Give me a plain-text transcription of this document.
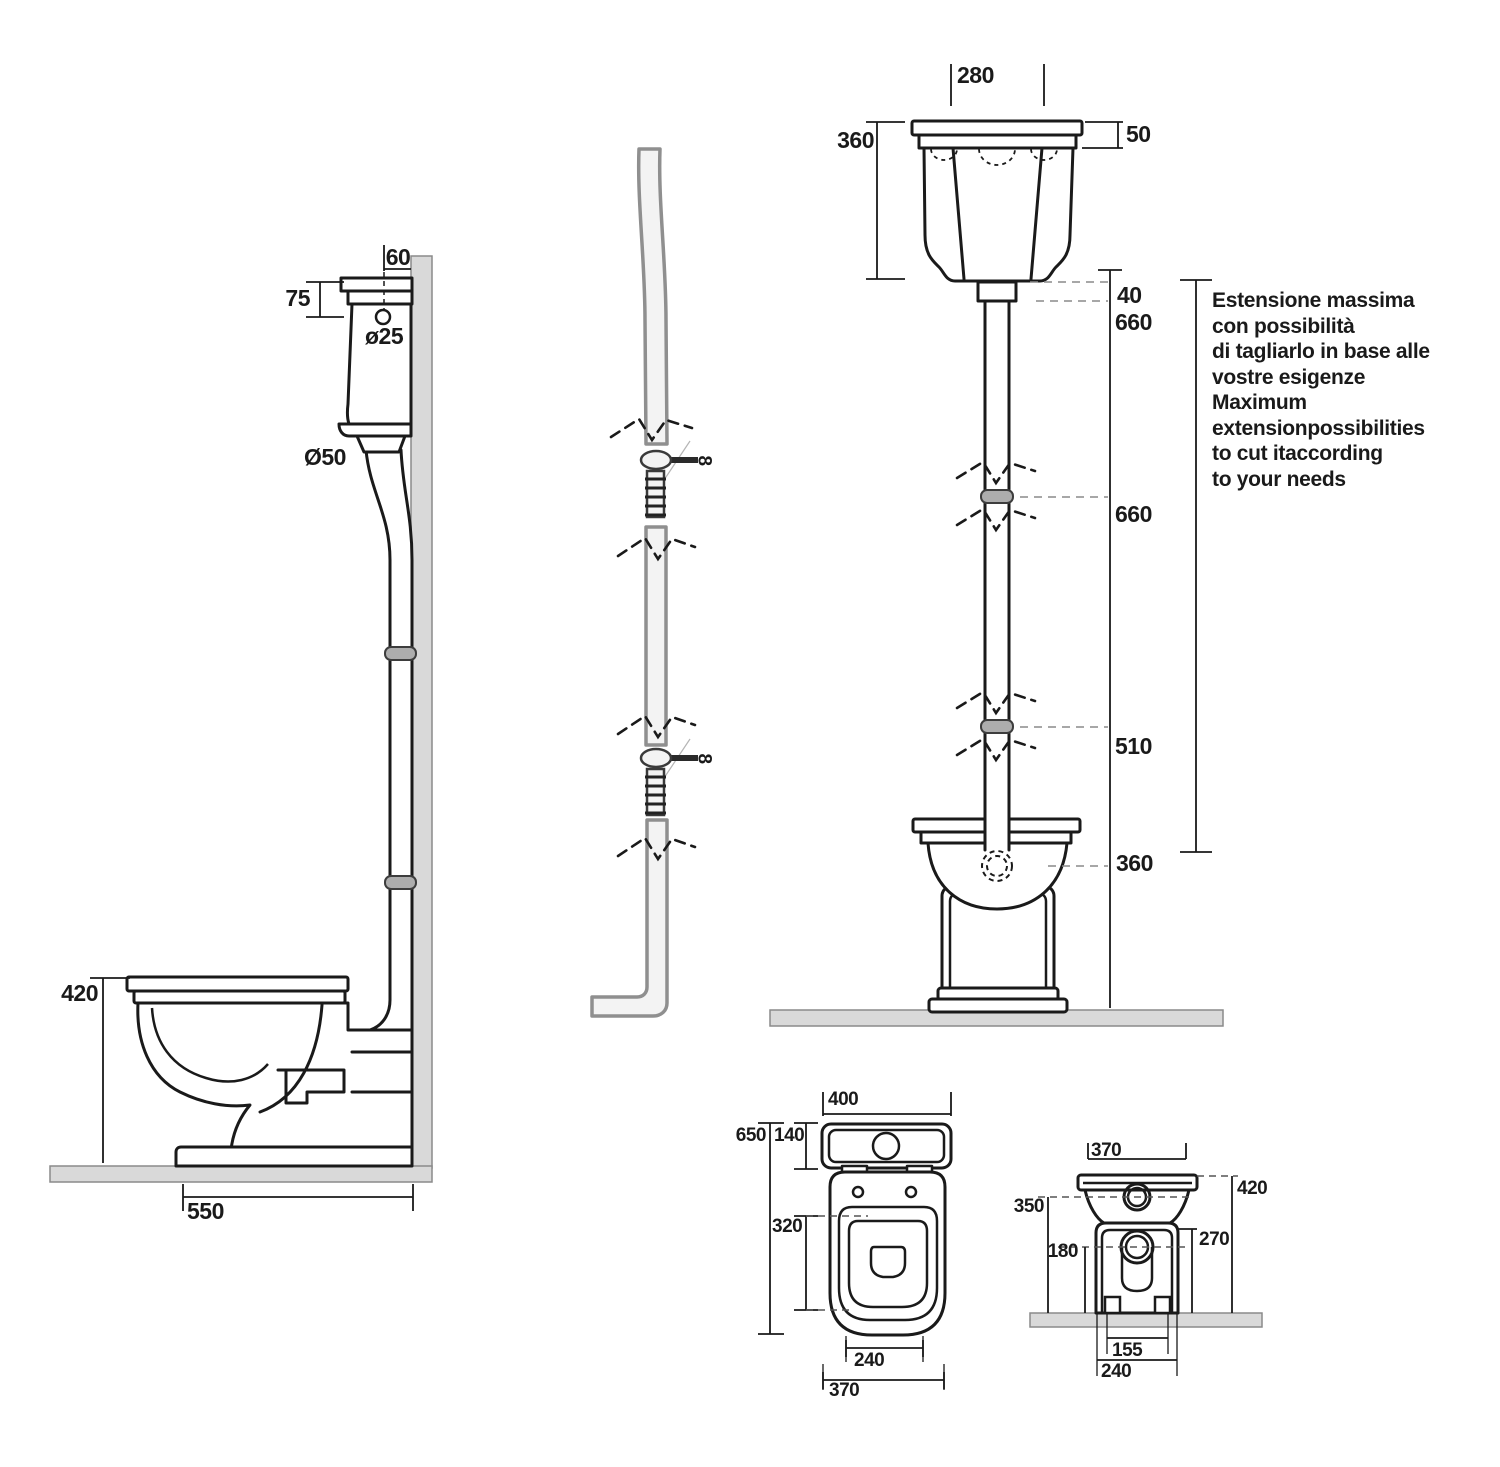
60
75
ø25
Ø50
420
550
8
8
280
360	50
40
660
660
510
360
Estensione massima
con possibilità
di tagliarlo in base alle
vostre esigenze
Maximum
extensionpossibilities
to cut itaccording
to your needs
400
650 140
320
240
370
370
420
350
270
180
155
240
